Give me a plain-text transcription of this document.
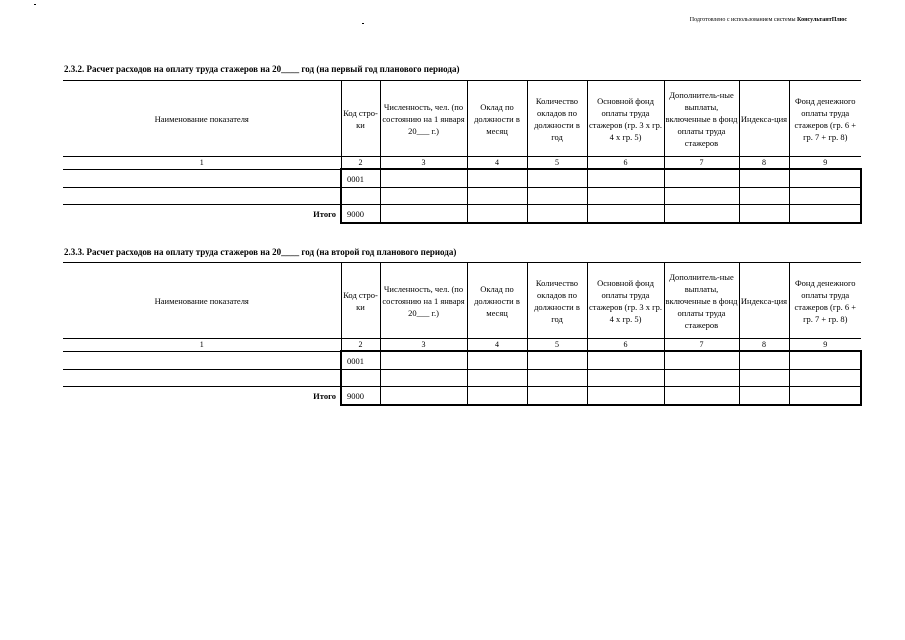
Подготовлено с использованием системы КонсультантПлюс
2.3.2. Расчет расходов на оплату труда стажеров на 20____ год (на первый год планового периода)
Наименование показателя	Код стро-ки	Численность, чел. (по состоянию на 1 января 20___ г.)	Оклад по должности в месяц	Количество окладов по должности в год	Основной фонд оплаты труда стажеров (гр. 3 x гр. 4 x гр. 5)	Дополнитель-ные выплаты, включенные в фонд оплаты труда стажеров	Индекса-ция	Фонд денежного оплаты труда стажеров (гр. 6 + гр. 7 + гр. 8)
1	2	3	4	5	6	7	8	9
	0001							

Итого	9000							
2.3.3. Расчет расходов на оплату труда стажеров на 20____ год (на второй год планового периода)
Наименование показателя	Код стро-ки	Численность, чел. (по состоянию на 1 января 20___ г.)	Оклад по должности в месяц	Количество окладов по должности в год	Основной фонд оплаты труда стажеров (гр. 3 x гр. 4 x гр. 5)	Дополнитель-ные выплаты, включенные в фонд оплаты труда стажеров	Индекса-ция	Фонд денежного оплаты труда стажеров (гр. 6 + гр. 7 + гр. 8)
1	2	3	4	5	6	7	8	9
	0001							

Итого	9000							
